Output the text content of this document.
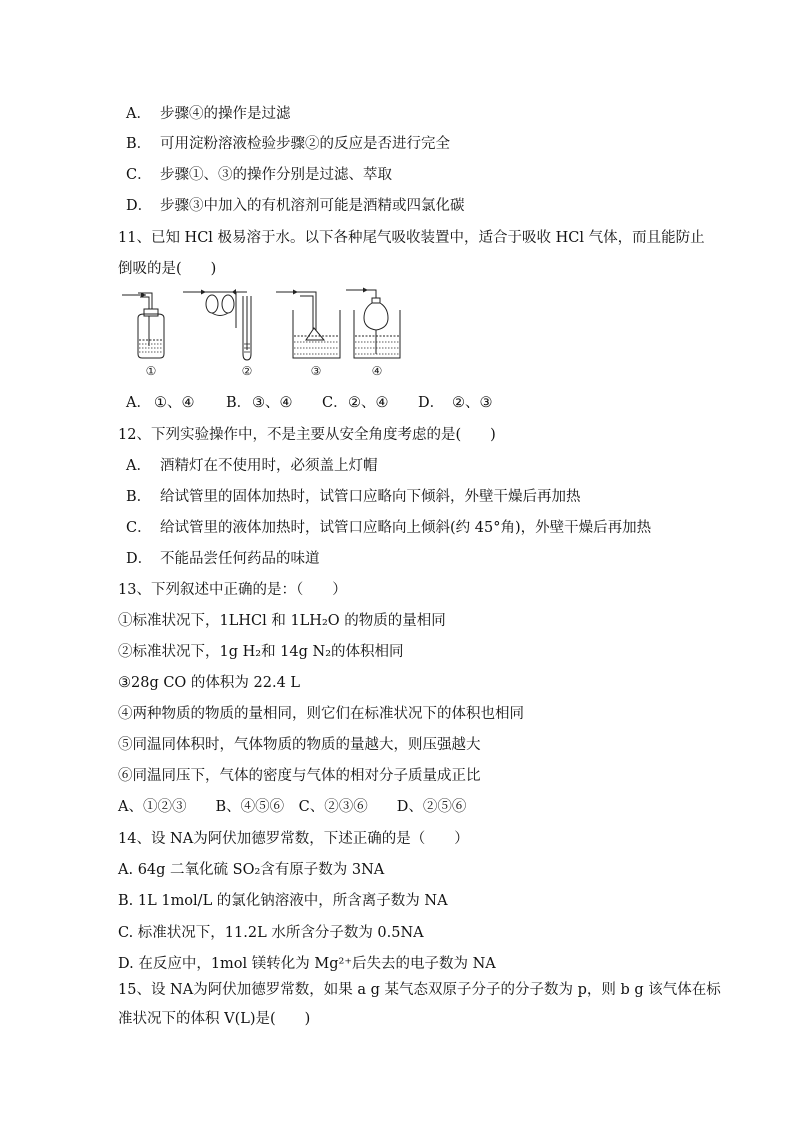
A． 步骤④的操作是过滤
B． 可用淀粉溶液检验步骤②的反应是否进行完全
C． 步骤①、③的操作分别是过滤、萃取
D． 步骤③中加入的有机溶剂可能是酒精或四氯化碳
11、已知 HCl 极易溶于水。以下各种尾气吸收装置中，适合于吸收 HCl 气体，而且能防止
倒吸的是(　　)
①	②	③	④
A． ①、④ B．③、④ C．②、④ D． ②、③
12、下列实验操作中，不是主要从安全角度考虑的是(　　)
A． 酒精灯在不使用时，必须盖上灯帽
B． 给试管里的固体加热时，试管口应略向下倾斜，外壁干燥后再加热
C． 给试管里的液体加热时，试管口应略向上倾斜(约 45°角)，外壁干燥后再加热
D． 不能品尝任何药品的味道
13、下列叙述中正确的是：（　　）
①标准状况下，1LHCl 和 1LH₂O 的物质的量相同
②标准状况下，1g H₂和 14g N₂的体积相同
③28g CO 的体积为 22.4 L
④两种物质的物质的量相同，则它们在标准状况下的体积也相同
⑤同温同体积时，气体物质的物质的量越大，则压强越大
⑥同温同压下，气体的密度与气体的相对分子质量成正比
A、①②③　　B、④⑤⑥　C、②③⑥　　D、②⑤⑥
14、设 NA为阿伏加德罗常数，下述正确的是（　　）
A. 64g 二氧化硫 SO₂含有原子数为 3NA
B. 1L 1mol/L 的氯化钠溶液中，所含离子数为 NA
C. 标准状况下，11.2L 水所含分子数为 0.5NA
D. 在反应中，1mol 镁转化为 Mg²⁺后失去的电子数为 NA
15、设 NA为阿伏加德罗常数，如果 a g 某气态双原子分子的分子数为 p，则 b g 该气体在标
准状况下的体积 V(L)是(　　)
